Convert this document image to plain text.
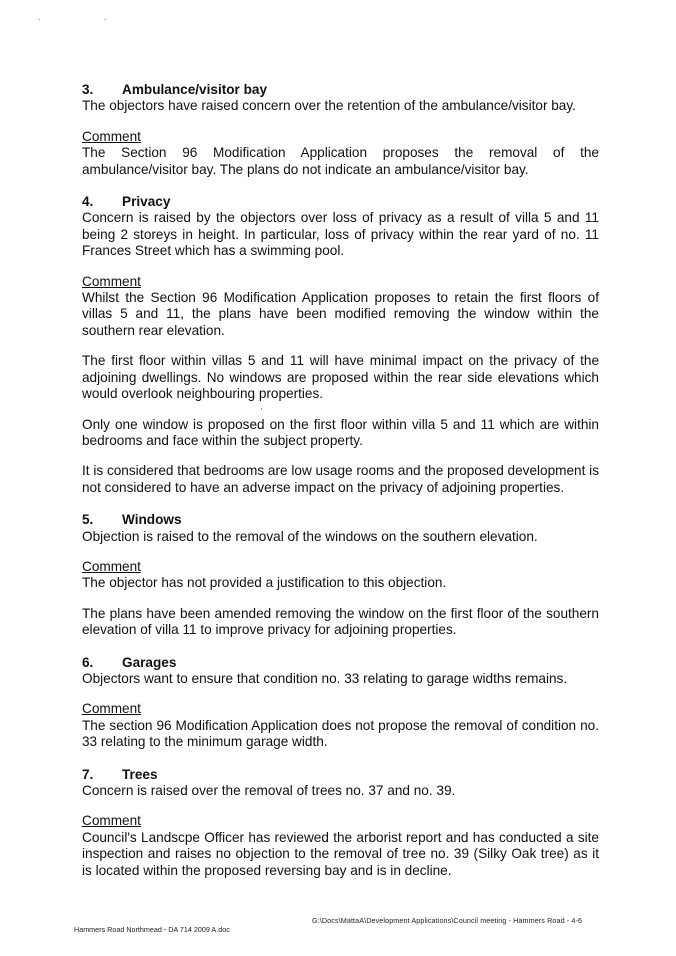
· ·
3. Ambulance/visitor bay

The objectors have raised concern over the retention of the ambulance/visitor bay.

Comment

The Section 96 Modification Application proposes the removal of the ambulance/visitor bay. The plans do not indicate an ambulance/visitor bay.

4. Privacy

Concern is raised by the objectors over loss of privacy as a result of villa 5 and 11 being 2 storeys in height. In particular, loss of privacy within the rear yard of no. 11 Frances Street which has a swimming pool.

Comment

Whilst the Section 96 Modification Application proposes to retain the first floors of villas 5 and 11, the plans have been modified removing the window within the southern rear elevation.

The first floor within villas 5 and 11 will have minimal impact on the privacy of the adjoining dwellings. No windows are proposed within the rear side elevations which would overlook neighbouring properties.

Only one window is proposed on the first floor within villa 5 and 11 which are within bedrooms and face within the subject property.

It is considered that bedrooms are low usage rooms and the proposed development is not considered to have an adverse impact on the privacy of adjoining properties.

5. Windows

Objection is raised to the removal of the windows on the southern elevation.

Comment

The objector has not provided a justification to this objection.

The plans have been amended removing the window on the first floor of the southern elevation of villa 11 to improve privacy for adjoining properties.

6. Garages

Objectors want to ensure that condition no. 33 relating to garage widths remains.

Comment

The section 96 Modification Application does not propose the removal of condition no. 33 relating to the minimum garage width.

7. Trees

Concern is raised over the removal of trees no. 37 and no. 39.

Comment

Council's Landscpe Officer has reviewed the arborist report and has conducted a site inspection and raises no objection to the removal of tree no. 39 (Silky Oak tree) as it is located within the proposed reversing bay and is in decline.

G:\Docs\MattaA\Development Applications\Council meeting - Hammers Road - 4-6
Hammers Road Northmead - DA 714 2009 A.doc
